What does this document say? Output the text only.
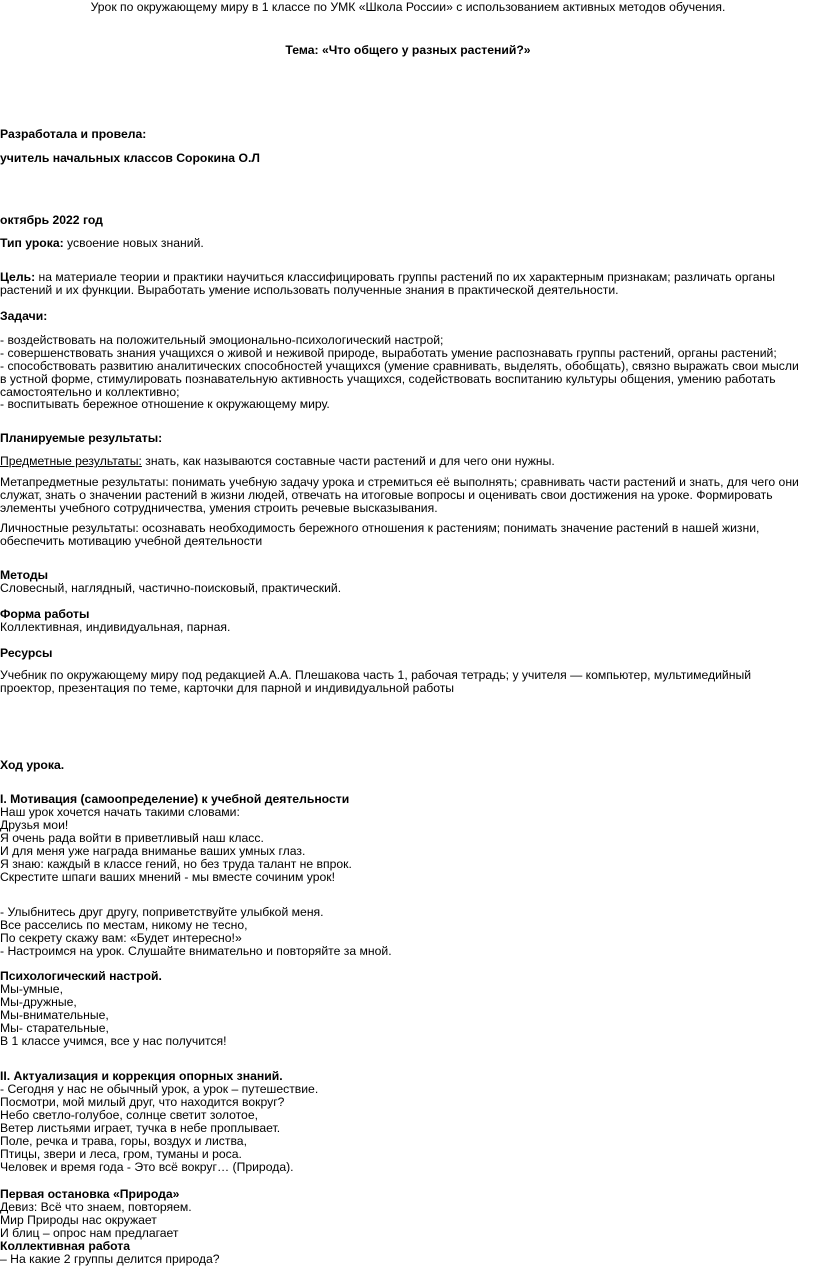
Урок по окружающему миру в 1 классе по УМК «Школа России» с использованием активных методов обучения.
Тема: «Что общего у разных растений?»
Разработала и провела:
учитель начальных классов Сорокина О.Л
октябрь 2022 год
Тип урока: усвоение новых знаний.
Цель: на материале теории и практики научиться классифицировать группы растений по их характерным признакам; различать органы растений и их функции. Выработать умение использовать полученные знания в практической деятельности.
Задачи:
- воздействовать на положительный эмоционально-психологический настрой;
- совершенствовать знания учащихся о живой и неживой природе, выработать умение распознавать группы растений, органы растений;
- способствовать развитию аналитических способностей учащихся (умение сравнивать, выделять, обобщать), связно выражать свои мысли в устной форме, стимулировать познавательную активность учащихся, содействовать воспитанию культуры общения, умению работать самостоятельно и коллективно;
- воспитывать бережное отношение к окружающему миру.
Планируемые результаты:
Предметные результаты: знать, как называются составные части растений и для чего они нужны.
Метапредметные результаты: понимать учебную задачу урока и стремиться её выполнять; сравнивать части растений и знать, для чего они служат, знать о значении растений в жизни людей, отвечать на итоговые вопросы и оценивать свои достижения на уроке. Формировать элементы учебного сотрудничества, умения строить речевые высказывания.
Личностные результаты: осознавать необходимость бережного отношения к растениям; понимать значение растений в нашей жизни, обеспечить мотивацию учебной деятельности
Методы
Словесный, наглядный, частично-поисковый, практический.
Форма работы
Коллективная, индивидуальная, парная.
Ресурсы
Учебник по окружающему миру под редакцией А.А. Плешакова часть 1, рабочая тетрадь; у учителя — компьютер, мультимедийный проектор, презентация по теме, карточки для парной и индивидуальной работы
Ход урока.
I. Мотивация (самоопределение) к учебной деятельности
Наш урок хочется начать такими словами:
Друзья мои!
Я очень рада войти в приветливый наш класс.
И для меня уже награда вниманье ваших умных глаз.
Я знаю: каждый в классе гений, но без труда талант не впрок.
Скрестите шпаги ваших мнений - мы вместе сочиним урок!
- Улыбнитесь друг другу, поприветствуйте улыбкой меня.
Все расселись по местам, никому не тесно,
По секрету скажу вам: «Будет интересно!»
- Настроимся на урок. Слушайте внимательно и повторяйте за мной.
Психологический настрой.
Мы-умные,
Мы-дружные,
Мы-внимательные,
Мы- старательные,
В 1 классе учимся, все у нас получится!
II. Актуализация и коррекция опорных знаний.
- Сегодня у нас не обычный урок, а урок – путешествие.
Посмотри, мой милый друг, что находится вокруг?
Небо светло-голубое, солнце светит золотое,
Ветер листьями играет, тучка в небе проплывает.
Поле, речка и трава, горы, воздух и листва,
Птицы, звери и леса, гром, туманы и роса.
Человек и время года - Это всё вокруг… (Природа).
Первая остановка «Природа»
Девиз: Всё что знаем, повторяем.
Мир Природы нас окружает
И блиц – опрос нам предлагает
Коллективная работа
– На какие 2 группы делится природа?
